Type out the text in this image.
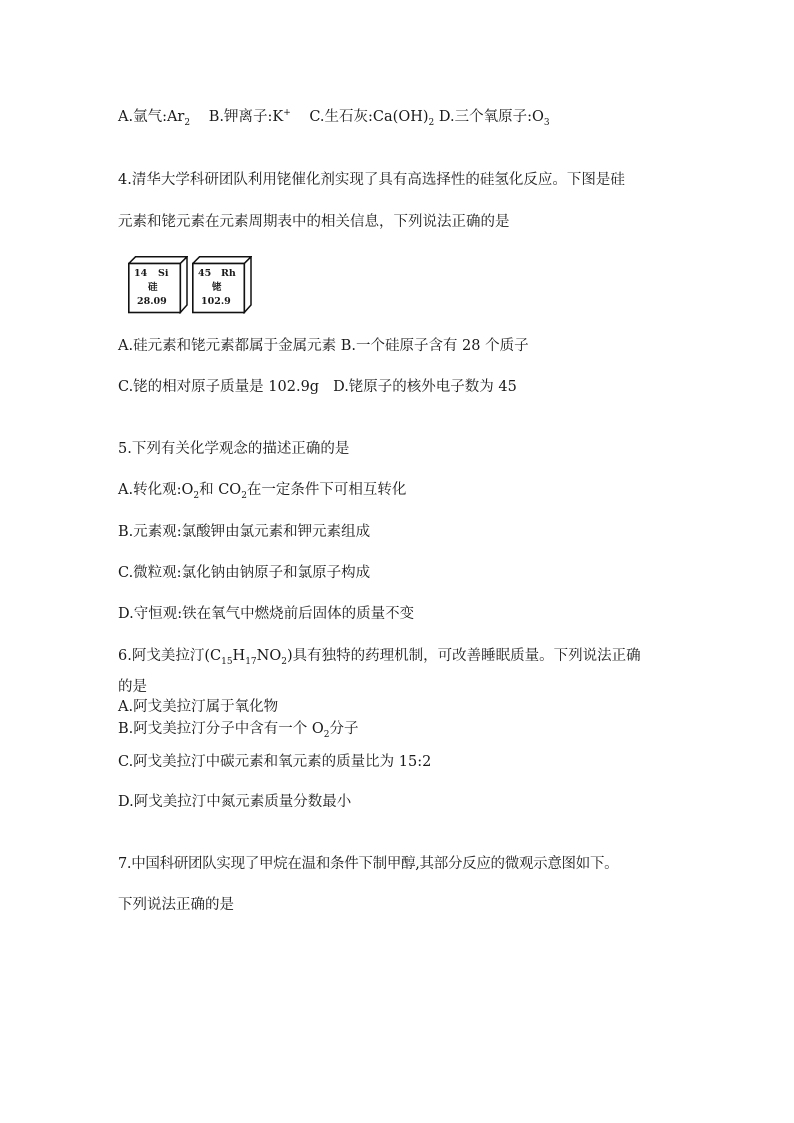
A.氩气$:Ar_2$ B.钾离子:K+ C.生石灰$:Ca(OH)_2$ D.三个氧原子$:O_3$
4.清华大学科研团队利用铑催化剂实现了具有高选择性的硅氢化反应。下图是硅
元素和铑元素在元素周期表中的相关信息，下列说法正确的是
14 Si
硅
28.09
45 Rh
铑
102.9
A.硅元素和铑元素都属于金属元素 B.一个硅原子含有 28 个质子
C.铑的相对原子质量是 102.9g D.铑原子的核外电子数为 45
5.下列有关化学观念的描述正确的是
A.转化观$:O_2$和 $CO_2$在一定条件下可相互转化
B.元素观:氯酸钾由氯元素和钾元素组成
C.微粒观:氯化钠由钠原子和氯原子构成
D.守恒观:铁在氧气中燃烧前后固体的质量不变
6.阿戈美拉汀$(C_{15}H_{17}NO_2)$具有独特的药理机制，可改善睡眠质量。下列说法正确
的是
A.阿戈美拉汀属于氧化物
B.阿戈美拉汀分子中含有一个 $O_2$分子
C.阿戈美拉汀中碳元素和氧元素的质量比为 15:2
D.阿戈美拉汀中氮元素质量分数最小
7.中国科研团队实现了甲烷在温和条件下制甲醇,其部分反应的微观示意图如下。
下列说法正确的是
